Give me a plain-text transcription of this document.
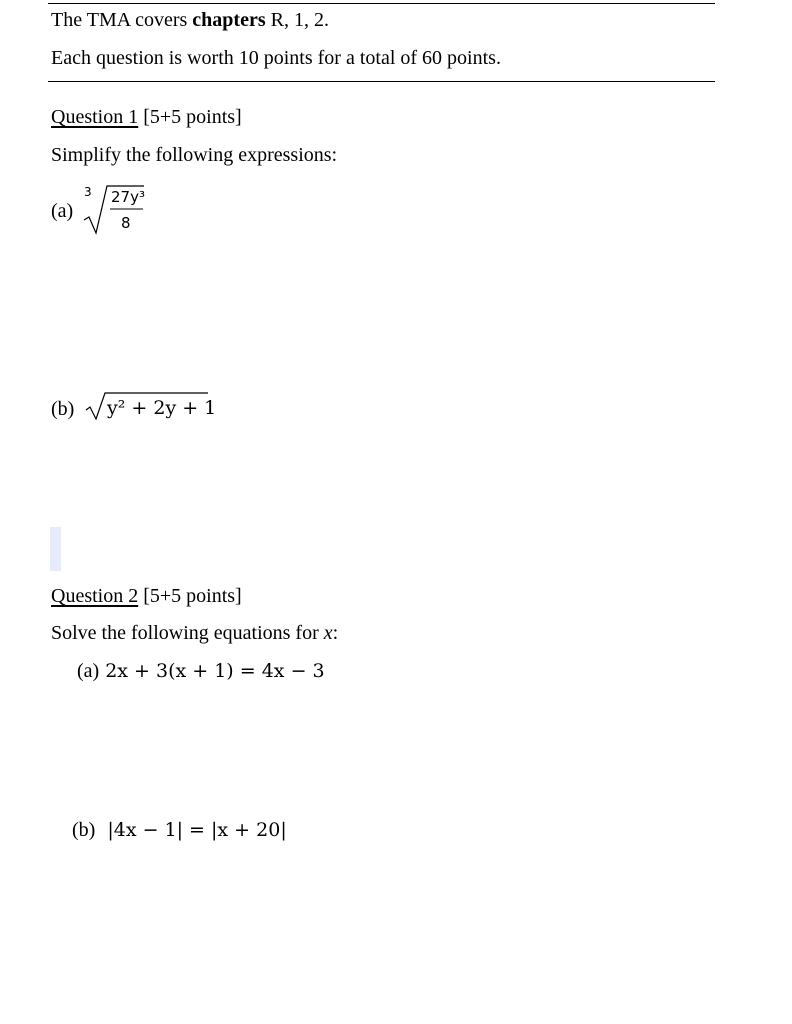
The TMA covers chapters R, 1, 2.
Each question is worth 10 points for a total of 60 points.
Question 1 [5+5 points]
Simplify the following expressions:
(a)
3 27y³
8
(b) y² + 2y + 1
Question 2 [5+5 points]
Solve the following equations for x:
(a) 2x + 3(x + 1) = 4x − 3
(b) |4x − 1| = |x + 20|
